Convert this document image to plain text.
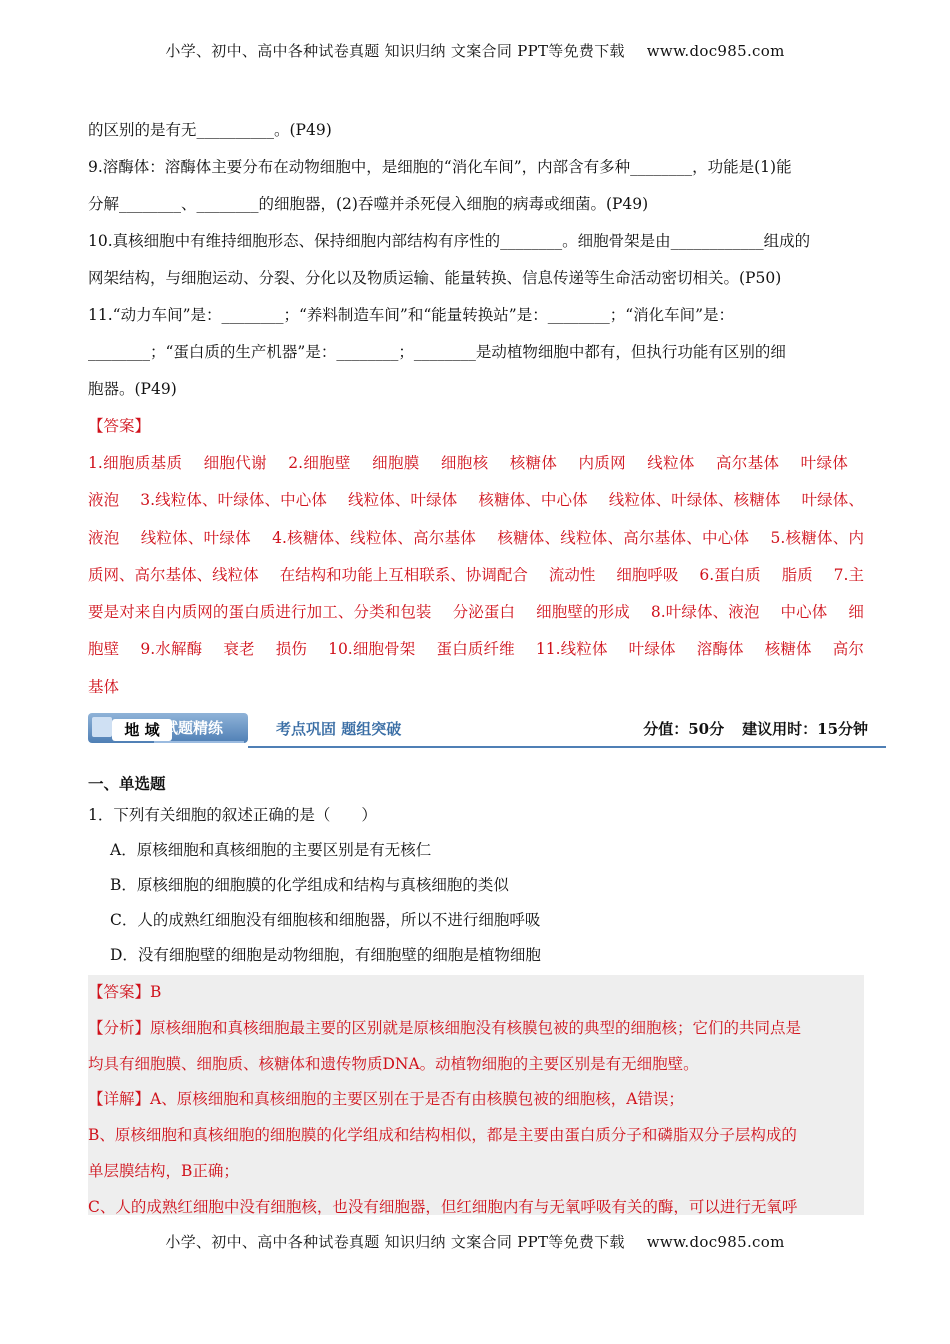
小学、初中、高中各种试卷真题 知识归纳 文案合同 PPT等免费下载 www.doc985.com
的区别的是有无__________。(P49)
9.溶酶体：溶酶体主要分布在动物细胞中，是细胞的“消化车间”，内部含有多种________，功能是(1)能
分解________、________的细胞器，(2)吞噬并杀死侵入细胞的病毒或细菌。(P49)
10.真核细胞中有维持细胞形态、保持细胞内部结构有序性的________。细胞骨架是由____________组成的
网架结构，与细胞运动、分裂、分化以及物质运输、能量转换、信息传递等生命活动密切相关。(P50)
11.“动力车间”是：________；“养料制造车间”和“能量转换站”是：________；“消化车间”是：
________；“蛋白质的生产机器”是：________；________是动植物细胞中都有，但执行功能有区别的细
胞器。(P49)
【答案】
1.细胞质基质 细胞代谢 2.细胞壁 细胞膜 细胞核 核糖体 内质网 线粒体 高尔基体 叶绿体 液泡 3.线粒体、叶绿体、中心体 线粒体、叶绿体 核糖体、中心体 线粒体、叶绿体、核糖体 叶绿体、液泡 线粒体、叶绿体 4.核糖体、线粒体、高尔基体 核糖体、线粒体、高尔基体、中心体 5.核糖体、内质网、高尔基体、线粒体 在结构和功能上互相联系、协调配合 流动性 细胞呼吸 6.蛋白质 脂质 7.主要是对来自内质网的蛋白质进行加工、分类和包装 分泌蛋白 细胞壁的形成 8.叶绿体、液泡 中心体 细胞壁 9.水解酶 衰老 损伤 10.细胞骨架 蛋白质纤维 11.线粒体 叶绿体 溶酶体 核糖体 高尔基体
地 域 试题精练	考点巩固 题组突破	分值：50分 建议用时：15分钟
一、单选题
1．下列有关细胞的叙述正确的是（　　）
A．原核细胞和真核细胞的主要区别是有无核仁
B．原核细胞的细胞膜的化学组成和结构与真核细胞的类似
C．人的成熟红细胞没有细胞核和细胞器，所以不进行细胞呼吸
D．没有细胞壁的细胞是动物细胞，有细胞壁的细胞是植物细胞
【答案】B
【分析】原核细胞和真核细胞最主要的区别就是原核细胞没有核膜包被的典型的细胞核；它们的共同点是
均具有细胞膜、细胞质、核糖体和遗传物质DNA。动植物细胞的主要区别是有无细胞壁。
【详解】A、原核细胞和真核细胞的主要区别在于是否有由核膜包被的细胞核，A错误；
B、原核细胞和真核细胞的细胞膜的化学组成和结构相似，都是主要由蛋白质分子和磷脂双分子层构成的
单层膜结构，B正确；
C、人的成熟红细胞中没有细胞核，也没有细胞器，但红细胞内有与无氧呼吸有关的酶，可以进行无氧呼
小学、初中、高中各种试卷真题 知识归纳 文案合同 PPT等免费下载 www.doc985.com
